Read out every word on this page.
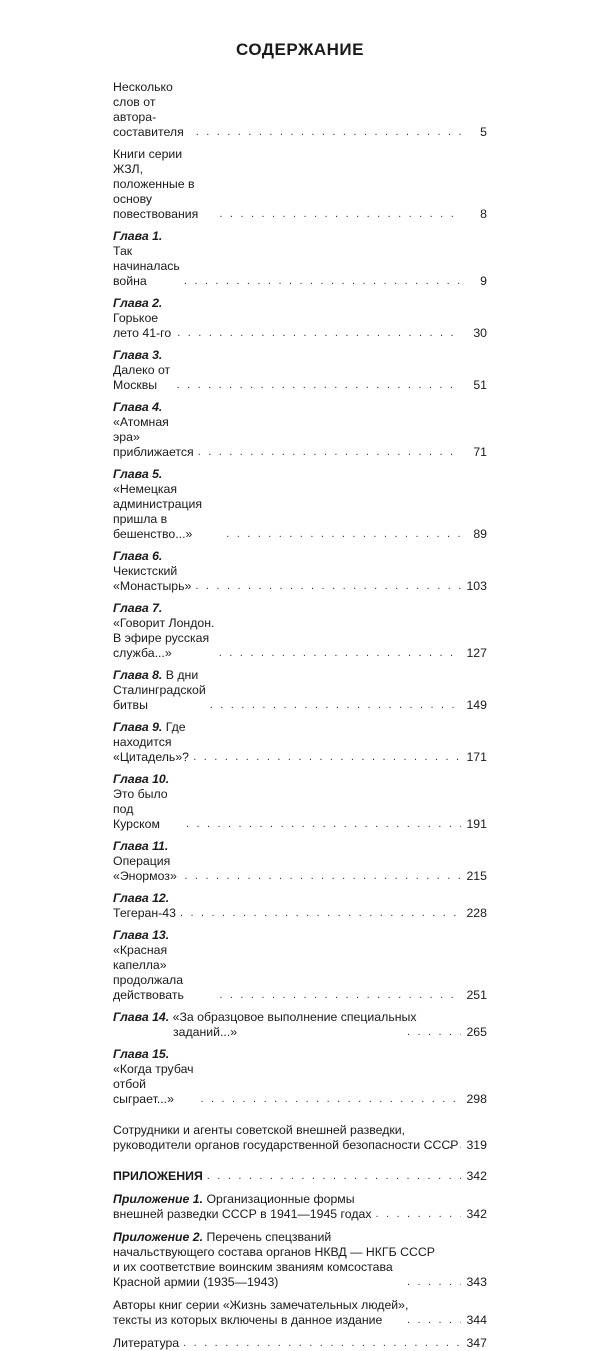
СОДЕРЖАНИЕ
Несколько слов от автора-составителя . . .	5
Книги серии ЖЗЛ, положенные в основу повествования . . .	8
Глава 1. Так начиналась война . . .	9
Глава 2. Горькое лето 41-го . . .	30
Глава 3. Далеко от Москвы . . .	51
Глава 4. «Атомная эра» приближается . . .	71
Глава 5. «Немецкая администрация пришла в бешенство...» . . .	89
Глава 6. Чекистский «Монастырь» . . .	103
Глава 7. «Говорит Лондон. В эфире русская служба...» . . .	127
Глава 8. В дни Сталинградской битвы . . .	149
Глава 9. Где находится «Цитадель»? . . .	171
Глава 10. Это было под Курском . . .	191
Глава 11. Операция «Энормоз» . . .	215
Глава 12. Тегеран-43 . . .	228
Глава 13. «Красная капелла» продолжала действовать . . .	251
Глава 14. «За образцовое выполнение специальных
заданий...» . . .	265
Глава 15. «Когда трубач отбой сыграет...» . . .	298
Сотрудники и агенты советской внешней разведки,
руководители органов государственной безопасности СССР . . . 319
ПРИЛОЖЕНИЯ . . .	342
Приложение 1. Организационные формы
внешней разведки СССР в 1941—1945 годах . . .	342
Приложение 2. Перечень спецзваний
начальствующего состава органов НКВД — НКГБ СССР
и их соответствие воинским званиям комсостава
Красной армии (1935—1943) . . .	343
Авторы книг серии «Жизнь замечательных людей»,
тексты из которых включены в данное издание . . .	344
Литература . . .	347
